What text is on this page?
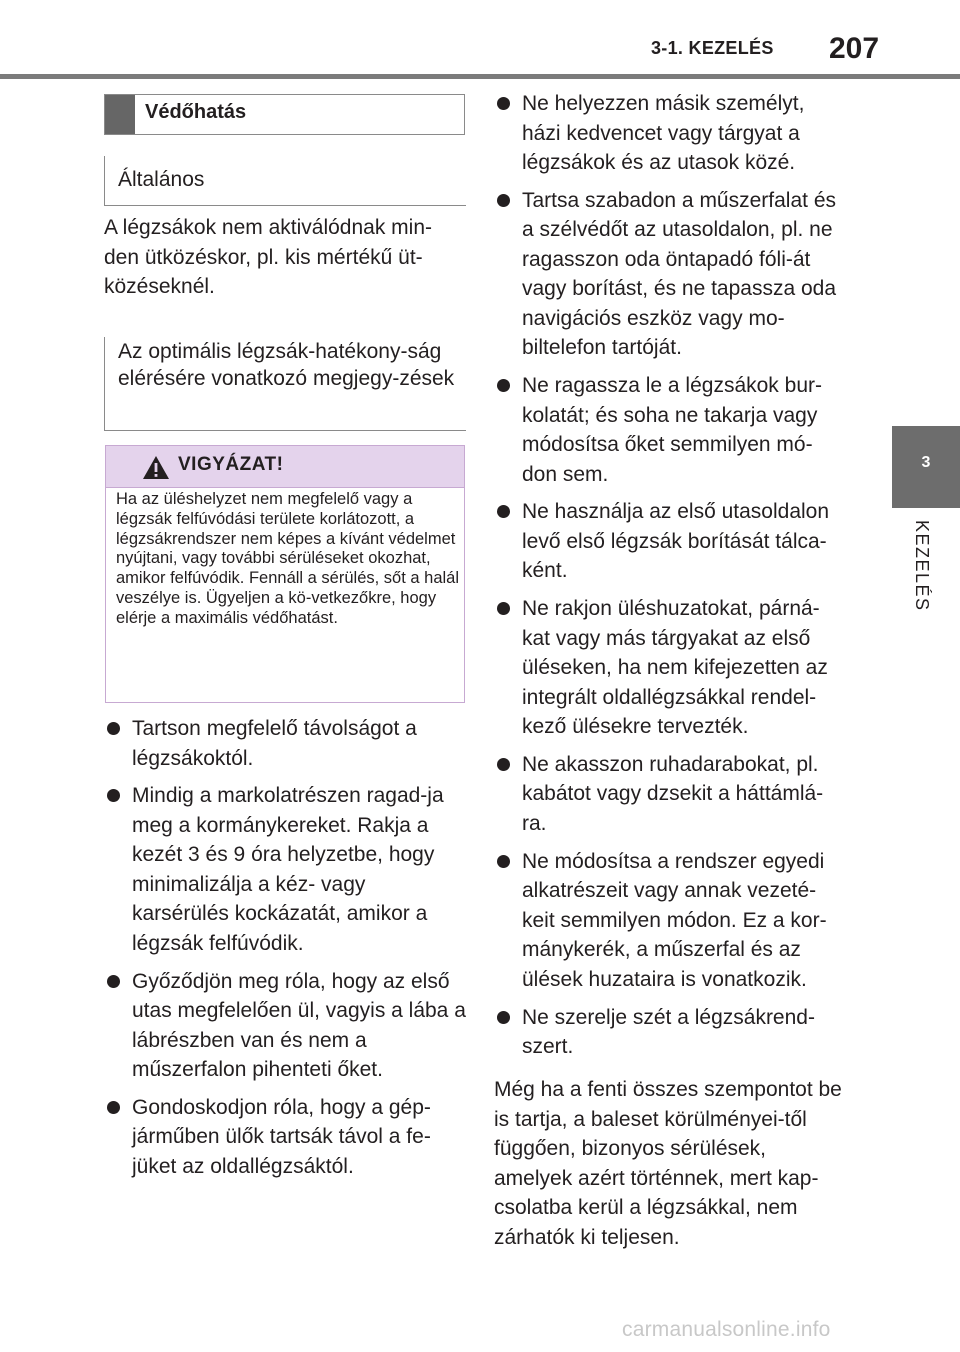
3-1. KEZELÉS 207
3
KEZELÉS
Védőhatás
Általános
A légzsákok nem aktiválódnak min-den ütközéskor, pl. kis mértékű üt-közéseknél.
Az optimális légzsák-hatékony-ság elérésére vonatkozó megjegy-zések
VIGYÁZAT!
Ha az üléshelyzet nem megfelelő vagy a légzsák felfúvódási területe korlátozott, a légzsákrendszer nem képes a kívánt védelmet nyújtani, vagy további sérüléseket okozhat, amikor felfúvódik. Fennáll a sérülés, sőt a halál veszélye is. Ügyeljen a kö-vetkezőkre, hogy elérje a maximális védőhatást.
Tartson megfelelő távolságot a légzsákoktól.
Mindig a markolatrészen ragad-ja meg a kormánykereket. Rakja a kezét 3 és 9 óra helyzetbe, hogy minimalizálja a kéz- vagy karsérülés kockázatát, amikor a légzsák felfúvódik.
Győződjön meg róla, hogy az első utas megfelelően ül, vagyis a lába a lábrészben van és nem a műszerfalon pihenteti őket.
Gondoskodjon róla, hogy a gép-járműben ülők tartsák távol a fe-jüket az oldallégzsáktól.
Ne helyezzen másik személyt, házi kedvencet vagy tárgyat a légzsákok és az utasok közé.
Tartsa szabadon a műszerfalat és a szélvédőt az utasoldalon, pl. ne ragasszon oda öntapadó fóli-át vagy borítást, és ne tapassza oda navigációs eszköz vagy mo-biltelefon tartóját.
Ne ragassza le a légzsákok bur-kolatát; és soha ne takarja vagy módosítsa őket semmilyen mó-don sem.
Ne használja az első utasoldalon levő első légzsák borítását tálca-ként.
Ne rakjon üléshuzatokat, párná-kat vagy más tárgyakat az első üléseken, ha nem kifejezetten az integrált oldallégzsákkal rendel-kező ülésekre tervezték.
Ne akasszon ruhadarabokat, pl. kabátot vagy dzsekit a háttámlá-ra.
Ne módosítsa a rendszer egyedi alkatrészeit vagy annak vezeté-keit semmilyen módon. Ez a kor-mánykerék, a műszerfal és az ülések huzataira is vonatkozik.
Ne szerelje szét a légzsákrend-szert.
Még ha a fenti összes szempontot be is tartja, a baleset körülményei-től függően, bizonyos sérülések, amelyek azért történnek, mert kap-csolatba kerül a légzsákkal, nem zárhatók ki teljesen.
carmanualsonline.info
